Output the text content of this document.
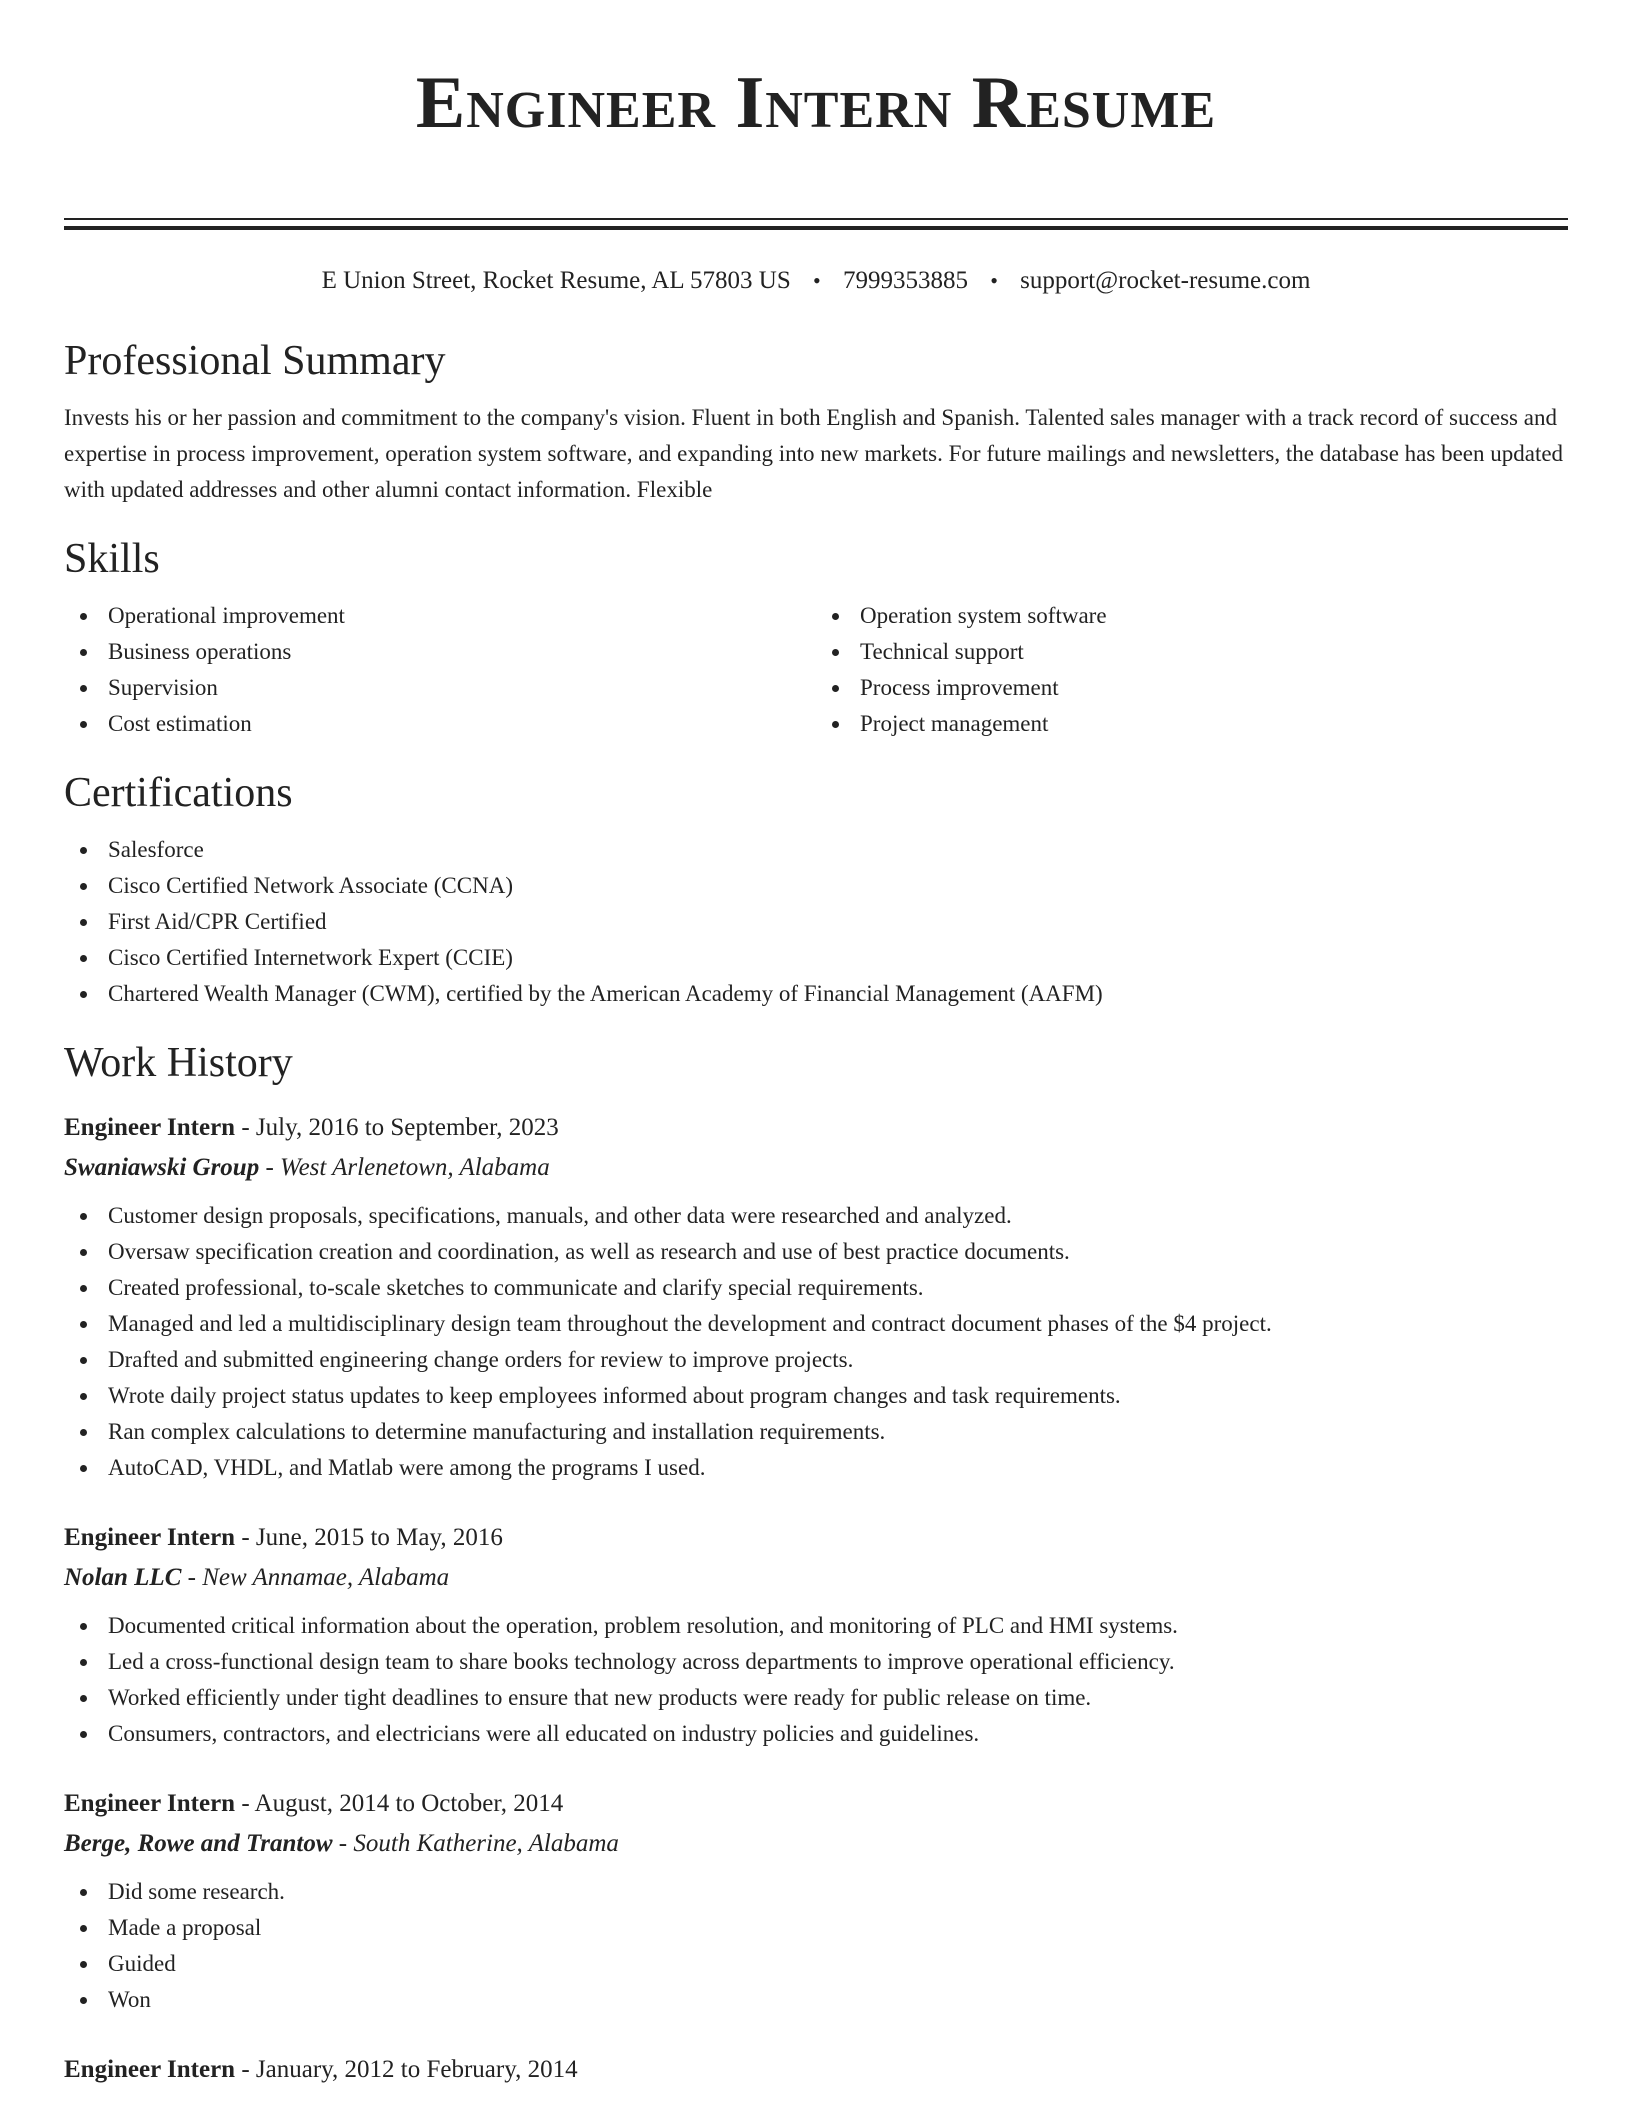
Engineer Intern Resume
E Union Street, Rocket Resume, AL 57803 US • 7999353885 • support@rocket-resume.com
Professional Summary

Invests his or her passion and commitment to the company's vision. Fluent in both English and Spanish. Talented sales manager with a track record of success and expertise in process improvement, operation system software, and expanding into new markets. For future mailings and newsletters, the database has been updated with updated addresses and other alumni contact information. Flexible

Skills
Operational improvement
Business operations
Supervision
Cost estimation
Operation system software
Technical support
Process improvement
Project management
Certifications
Salesforce
Cisco Certified Network Associate (CCNA)
First Aid/CPR Certified
Cisco Certified Internetwork Expert (CCIE)
Chartered Wealth Manager (CWM), certified by the American Academy of Financial Management (AAFM)
Work History
Engineer Intern - July, 2016 to September, 2023
Swaniawski Group - West Arlenetown, Alabama
Customer design proposals, specifications, manuals, and other data were researched and analyzed.
Oversaw specification creation and coordination, as well as research and use of best practice documents.
Created professional, to-scale sketches to communicate and clarify special requirements.
Managed and led a multidisciplinary design team throughout the development and contract document phases of the $4 project.
Drafted and submitted engineering change orders for review to improve projects.
Wrote daily project status updates to keep employees informed about program changes and task requirements.
Ran complex calculations to determine manufacturing and installation requirements.
AutoCAD, VHDL, and Matlab were among the programs I used.
Engineer Intern - June, 2015 to May, 2016
Nolan LLC - New Annamae, Alabama
Documented critical information about the operation, problem resolution, and monitoring of PLC and HMI systems.
Led a cross-functional design team to share books technology across departments to improve operational efficiency.
Worked efficiently under tight deadlines to ensure that new products were ready for public release on time.
Consumers, contractors, and electricians were all educated on industry policies and guidelines.
Engineer Intern - August, 2014 to October, 2014
Berge, Rowe and Trantow - South Katherine, Alabama
Did some research.
Made a proposal
Guided
Won
Engineer Intern - January, 2012 to February, 2014
